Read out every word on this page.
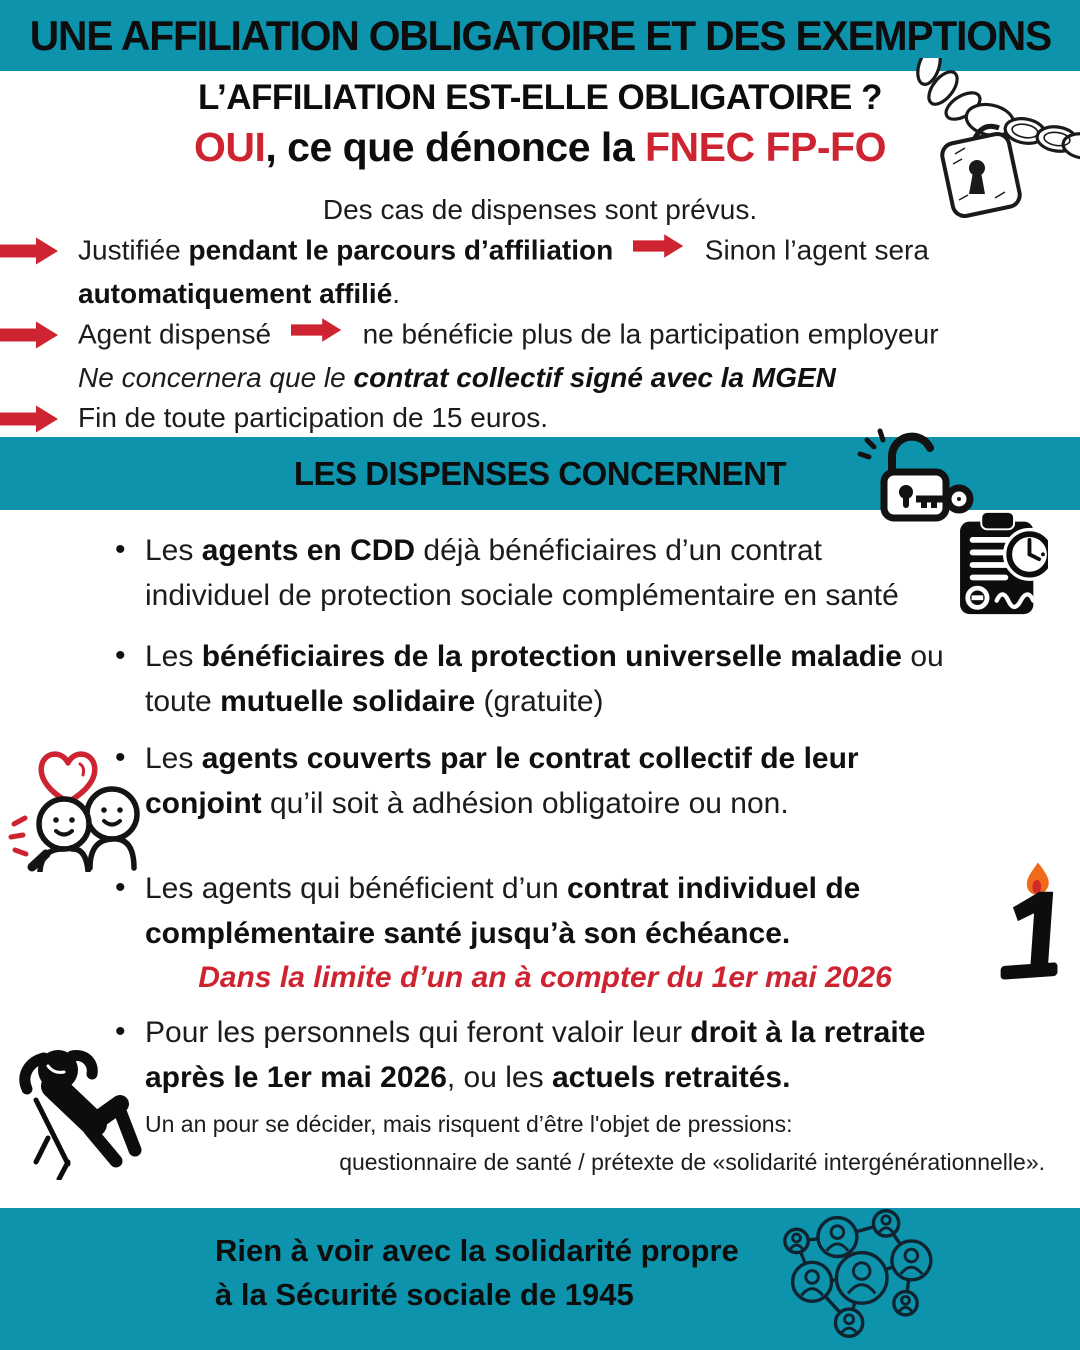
UNE AFFILIATION OBLIGATOIRE ET DES EXEMPTIONS
L’AFFILIATION EST-ELLE OBLIGATOIRE ?
OUI, ce que dénonce la FNEC FP-FO
Des cas de dispenses sont prévus.
Justifiée pendant le parcours d’affiliation	Sinon l’agent sera
automatiquement affilié.
Agent dispensé	ne bénéficie plus de la participation employeur
Ne concernera que le contrat collectif signé avec la MGEN
Fin de toute participation de 15 euros.
LES DISPENSES CONCERNENT
• Les agents en CDD déjà bénéficiaires d’un contrat individuel de protection sociale complémentaire en santé
• Les bénéficiaires de la protection universelle maladie ou toute mutuelle solidaire (gratuite)
• Les agents couverts par le contrat collectif de leur conjoint qu’il soit à adhésion obligatoire ou non.
• Les agents qui bénéficient d’un contrat individuel de complémentaire santé jusqu’à son échéance.
Dans la limite d’un an à compter du 1er mai 2026
• Pour les personnels qui feront valoir leur droit à la retraite après le 1er mai 2026, ou les actuels retraités. Un an pour se décider, mais risquent d’être l'objet de pressions:
questionnaire de santé / prétexte de «solidarité intergénérationnelle».
Rien à voir avec la solidarité propre
à la Sécurité sociale de 1945
